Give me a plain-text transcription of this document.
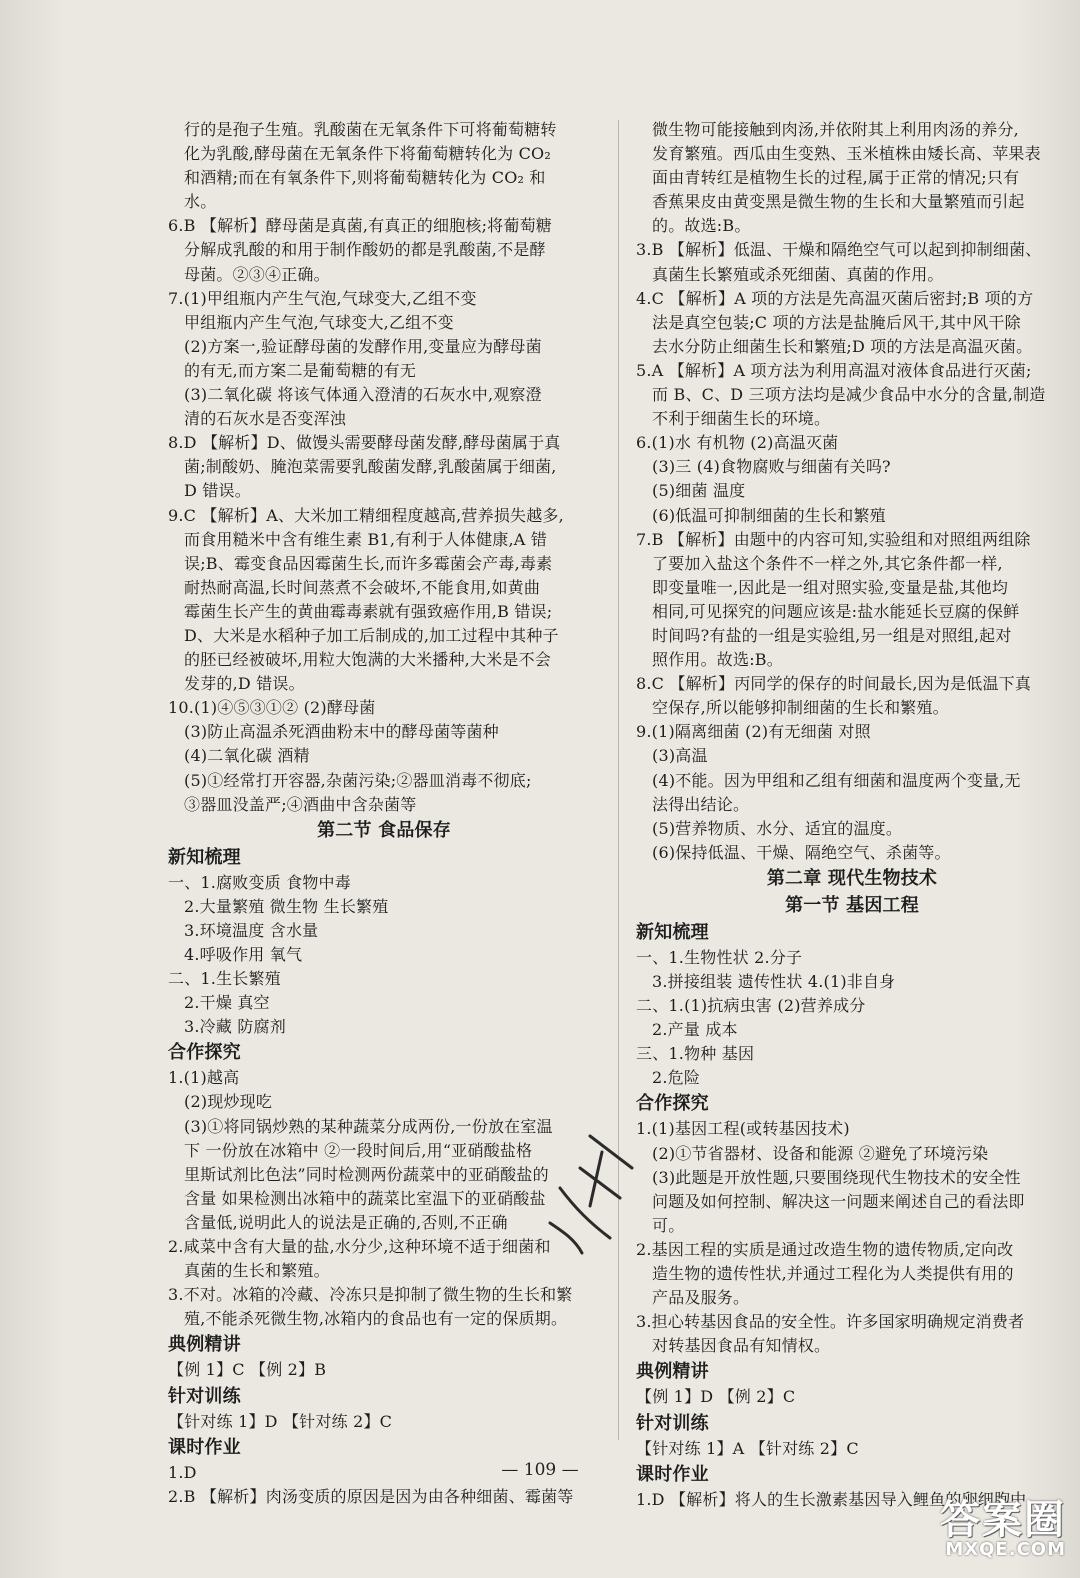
行的是孢子生殖。乳酸菌在无氧条件下可将葡萄糖转
化为乳酸,酵母菌在无氧条件下将葡萄糖转化为 CO₂
和酒精;而在有氧条件下,则将葡萄糖转化为 CO₂ 和
水。
6.B 【解析】酵母菌是真菌,有真正的细胞核;将葡萄糖
分解成乳酸的和用于制作酸奶的都是乳酸菌,不是酵
母菌。②③④正确。
7.(1)甲组瓶内产生气泡,气球变大,乙组不变
甲组瓶内产生气泡,气球变大,乙组不变
(2)方案一,验证酵母菌的发酵作用,变量应为酵母菌
的有无,而方案二是葡萄糖的有无
(3)二氧化碳 将该气体通入澄清的石灰水中,观察澄
清的石灰水是否变浑浊
8.D 【解析】D、做馒头需要酵母菌发酵,酵母菌属于真
菌;制酸奶、腌泡菜需要乳酸菌发酵,乳酸菌属于细菌,
D 错误。
9.C 【解析】A、大米加工精细程度越高,营养损失越多,
而食用糙米中含有维生素 B1,有利于人体健康,A 错
误;B、霉变食品因霉菌生长,而许多霉菌会产毒,毒素
耐热耐高温,长时间蒸煮不会破坏,不能食用,如黄曲
霉菌生长产生的黄曲霉毒素就有强致癌作用,B 错误;
D、大米是水稻种子加工后制成的,加工过程中其种子
的胚已经被破坏,用粒大饱满的大米播种,大米是不会
发芽的,D 错误。
10.(1)④⑤③①② (2)酵母菌
(3)防止高温杀死酒曲粉末中的酵母菌等菌种
(4)二氧化碳 酒精
(5)①经常打开容器,杂菌污染;②器皿消毒不彻底;
③器皿没盖严;④酒曲中含杂菌等
第二节 食品保存
新知梳理
一、1.腐败变质 食物中毒
2.大量繁殖 微生物 生长繁殖
3.环境温度 含水量
4.呼吸作用 氧气
二、1.生长繁殖
2.干燥 真空
3.冷藏 防腐剂
合作探究
1.(1)越高
(2)现炒现吃
(3)①将同锅炒熟的某种蔬菜分成两份,一份放在室温
下 一份放在冰箱中 ②一段时间后,用“亚硝酸盐格
里斯试剂比色法”同时检测两份蔬菜中的亚硝酸盐的
含量 如果检测出冰箱中的蔬菜比室温下的亚硝酸盐
含量低,说明此人的说法是正确的,否则,不正确
2.咸菜中含有大量的盐,水分少,这种环境不适于细菌和
真菌的生长和繁殖。
3.不对。冰箱的冷藏、冷冻只是抑制了微生物的生长和繁
殖,不能杀死微生物,冰箱内的食品也有一定的保质期。
典例精讲
【例 1】C 【例 2】B
针对训练
【针对练 1】D 【针对练 2】C
课时作业
1.D
2.B 【解析】肉汤变质的原因是因为由各种细菌、霉菌等
微生物可能接触到肉汤,并依附其上利用肉汤的养分,
发育繁殖。西瓜由生变熟、玉米植株由矮长高、苹果表
面由青转红是植物生长的过程,属于正常的情况;只有
香蕉果皮由黄变黑是微生物的生长和大量繁殖而引起
的。故选:B。
3.B 【解析】低温、干燥和隔绝空气可以起到抑制细菌、
真菌生长繁殖或杀死细菌、真菌的作用。
4.C 【解析】A 项的方法是先高温灭菌后密封;B 项的方
法是真空包装;C 项的方法是盐腌后风干,其中风干除
去水分防止细菌生长和繁殖;D 项的方法是高温灭菌。
5.A 【解析】A 项方法为利用高温对液体食品进行灭菌;
而 B、C、D 三项方法均是减少食品中水分的含量,制造
不利于细菌生长的环境。
6.(1)水 有机物 (2)高温灭菌
(3)三 (4)食物腐败与细菌有关吗?
(5)细菌 温度
(6)低温可抑制细菌的生长和繁殖
7.B 【解析】由题中的内容可知,实验组和对照组两组除
了要加入盐这个条件不一样之外,其它条件都一样,
即变量唯一,因此是一组对照实验,变量是盐,其他均
相同,可见探究的问题应该是:盐水能延长豆腐的保鲜
时间吗?有盐的一组是实验组,另一组是对照组,起对
照作用。故选:B。
8.C 【解析】丙同学的保存的时间最长,因为是低温下真
空保存,所以能够抑制细菌的生长和繁殖。
9.(1)隔离细菌 (2)有无细菌 对照
(3)高温
(4)不能。因为甲组和乙组有细菌和温度两个变量,无
法得出结论。
(5)营养物质、水分、适宜的温度。
(6)保持低温、干燥、隔绝空气、杀菌等。
第二章 现代生物技术
第一节 基因工程
新知梳理
一、1.生物性状 2.分子
3.拼接组装 遗传性状 4.(1)非自身
二、1.(1)抗病虫害 (2)营养成分
2.产量 成本
三、1.物种 基因
2.危险
合作探究
1.(1)基因工程(或转基因技术)
(2)①节省器材、设备和能源 ②避免了环境污染
(3)此题是开放性题,只要围绕现代生物技术的安全性
问题及如何控制、解决这一问题来阐述自己的看法即
可。
2.基因工程的实质是通过改造生物的遗传物质,定向改
造生物的遗传性状,并通过工程化为人类提供有用的
产品及服务。
3.担心转基因食品的安全性。许多国家明确规定消费者
对转基因食品有知情权。
典例精讲
【例 1】D 【例 2】C
针对训练
【针对练 1】A 【针对练 2】C
课时作业
1.D 【解析】将人的生长激素基因导入鲤鱼的卵细胞中,
— 109 —
答案圈
MXQE.COM
